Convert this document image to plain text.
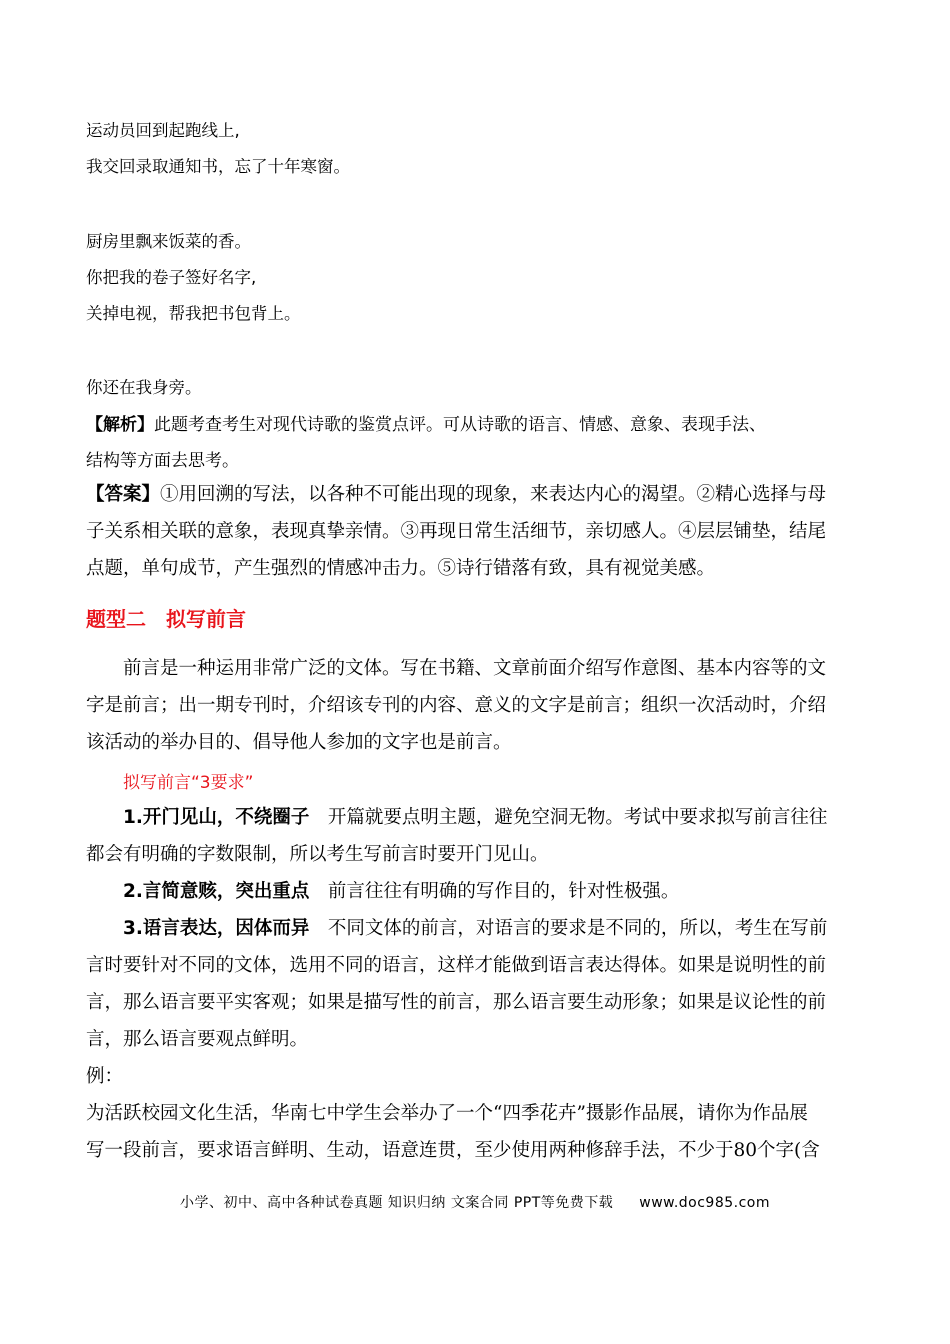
运动员回到起跑线上,
我交回录取通知书，忘了十年寒窗。
厨房里飘来饭菜的香。
你把我的卷子签好名字,
关掉电视，帮我把书包背上。
你还在我身旁。
【解析】此题考查考生对现代诗歌的鉴赏点评。可从诗歌的语言、情感、意象、表现手法、
结构等方面去思考。
【答案】①用回溯的写法，以各种不可能出现的现象，来表达内心的渴望。②精心选择与母
子关系相关联的意象，表现真挚亲情。③再现日常生活细节，亲切感人。④层层铺垫，结尾
点题，单句成节，产生强烈的情感冲击力。⑤诗行错落有致，具有视觉美感。
题型二　拟写前言
前言是一种运用非常广泛的文体。写在书籍、文章前面介绍写作意图、基本内容等的文
字是前言；出一期专刊时，介绍该专刊的内容、意义的文字是前言；组织一次活动时，介绍
该活动的举办目的、倡导他人参加的文字也是前言。
拟写前言“3要求”
1.开门见山，不绕圈子　 开篇就要点明主题，避免空洞无物。考试中要求拟写前言往往
都会有明确的字数限制，所以考生写前言时要开门见山。
2.言简意赅，突出重点　 前言往往有明确的写作目的，针对性极强。
3.语言表达，因体而异　 不同文体的前言，对语言的要求是不同的，所以，考生在写前
言时要针对不同的文体，选用不同的语言，这样才能做到语言表达得体。如果是说明性的前
言，那么语言要平实客观；如果是描写性的前言，那么语言要生动形象；如果是议论性的前
言，那么语言要观点鲜明。
例：
为活跃校园文化生活，华南七中学生会举办了一个“四季花卉”摄影作品展，请你为作品展
写一段前言，要求语言鲜明、生动，语意连贯，至少使用两种修辞手法，不少于80个字(含
小学、初中、高中各种试卷真题 知识归纳 文案合同 PPT等免费下载 www.doc985.com
